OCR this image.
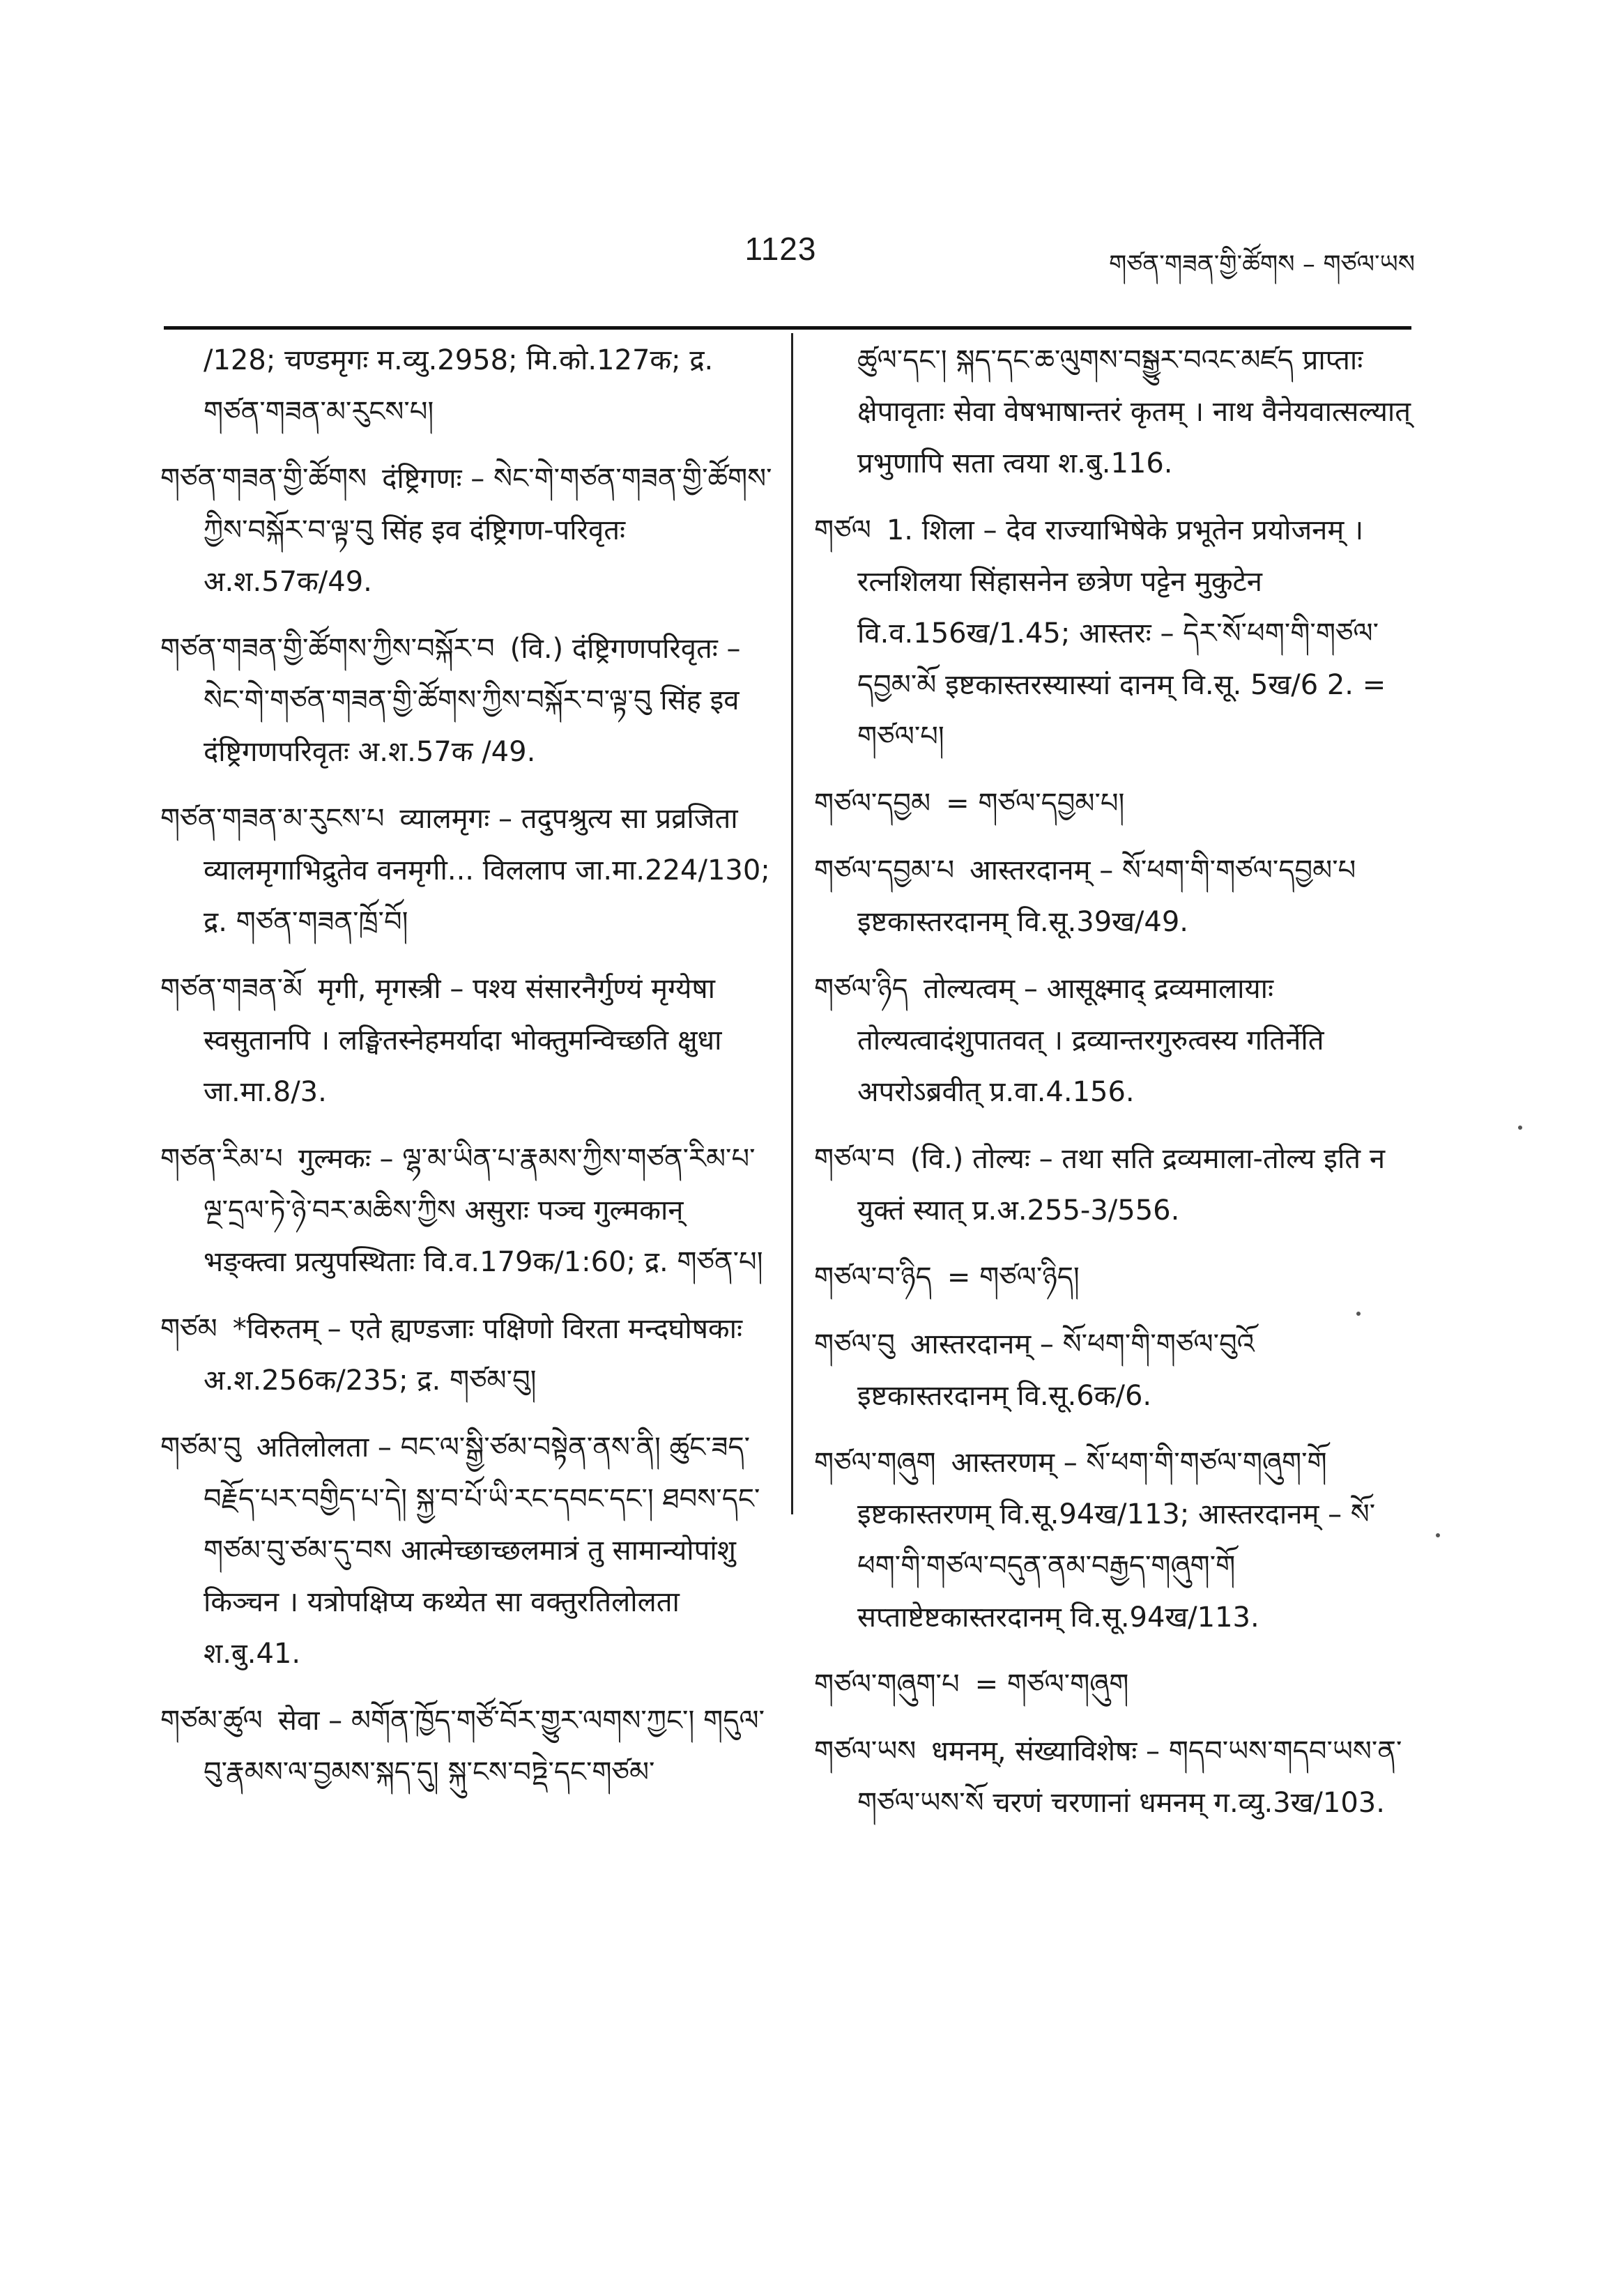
1123	གཙན་གཟན་གྱི་ཚོགས – གཙལ་ཡས
/128; चण्डमृगः म.व्यु.2958; मि.को.127क; द्र. གཙན་གཟན་མ་རུངས་པ།
གཙན་གཟན་གྱི་ཚོགས दंष्ट्रिगणः – སེང་གེ་གཙན་གཟན་གྱི་ཚོགས་ཀྱིས་བསྐོར་བ་ལྟ་བུ सिंह इव दंष्ट्रिगण-परिवृतः अ.श.57क/49.
གཙན་གཟན་གྱི་ཚོགས་ཀྱིས་བསྐོར་བ (वि.) दंष्ट्रिगणपरिवृतः – སེང་གེ་གཙན་གཟན་གྱི་ཚོགས་ཀྱིས་བསྐོར་བ་ལྟ་བུ सिंह इव दंष्ट्रिगणपरिवृतः अ.श.57क /49.
གཙན་གཟན་མ་རུངས་པ व्यालमृगः – तदुपश्रुत्य सा प्रव्रजिता व्यालमृगाभिद्रुतेव वनमृगी... विललाप जा.मा.224/130; द्र. གཙན་གཟན་ཁྲོ་བོ།
གཙན་གཟན་མོ मृगी, मृगस्त्री – पश्य संसारनैर्गुण्यं मृग्येषा स्वसुतानपि । लङ्घितस्नेहमर्यादा भोक्तुमन्विच्छति क्षुधा जा.मा.8/3.
གཙན་རིམ་པ गुल्मकः – ལྷ་མ་ཡིན་པ་རྣམས་ཀྱིས་གཙན་རིམ་པ་ལྔ་དྲལ་ཏེ་ཉེ་བར་མཆིས་ཀྱིས असुराः पञ्च गुल्मकान् भङ्क्त्वा प्रत्युपस्थिताः वि.व.179क/1:60; द्र. གཙན་པ།
གཙམ *विरुतम् – एते ह्यण्डजाः पक्षिणो विरता मन्दघोषकाः अ.श.256क/235; द्र. གཙམ་བུ།
གཙམ་བུ अतिलोलता – བང་ལ་སྒྱི་ཙམ་བསྟེན་ནས་ནི། ཚུང་ཟད་བརྗོད་པར་བགྱིད་པ་དེ། སྐྱ་བ་པོ་ཡི་རང་དབང་དང་། ཐབས་དང་གཙམ་བུ་ཙམ་དུ་བས आत्मेच्छाच्छलमात्रं तु सामान्योपांशु किञ्चन । यत्रोपक्षिप्य कथ्येत सा वक्तुरतिलोलता श.बु.41.
གཙམ་ཚུལ सेवा – མགོན་ཁྱོད་གཙོ་བོར་གྱུར་ལགས་ཀྱང་། གདུལ་བུ་རྣམས་ལ་བྱམས་སྐད་དུ། སྐུ་ངས་བཏྡེ་དང་གཙམ་
ཚུལ་དང་། སྐད་དང་ཆ་ལུགས་བསྒྱུར་བའང་མཛད प्राप्ताः क्षेपावृताः सेवा वेषभाषान्तरं कृतम् । नाथ वैनेयवात्सल्यात् प्रभुणापि सता त्वया श.बु.116.
གཙལ 1. शिला – देव राज्याभिषेके प्रभूतेन प्रयोजनम् । रत्नशिलया सिंहासनेन छत्रेण पट्टेन मुकुटेन वि.व.156ख/1.45; आस्तरः – དེར་སོ་ཕག་གི་གཙལ་དབྱམ་མོ इष्टकास्तरस्यास्यां दानम् वि.सू. 5ख/6 2. = གཙལ་པ།
གཙལ་དབྱམ = གཙལ་དབྱམ་པ།
གཙལ་དབྱམ་པ आस्तरदानम् – སོ་ཕག་གི་གཙལ་དབྱམ་པ इष्टकास्तरदानम् वि.सू.39ख/49.
གཙལ་ཉིད तोल्यत्वम् – आसूक्ष्माद् द्रव्यमालायाः तोल्यत्वादंशुपातवत् । द्रव्यान्तरगुरुत्वस्य गतिर्नेति अपरोऽब्रवीत् प्र.वा.4.156.
གཙལ་བ (वि.) तोल्यः – तथा सति द्रव्यमाला-तोल्य इति न युक्तं स्यात् प्र.अ.255-3/556.
གཙལ་བ་ཉིད = གཙལ་ཉིད།
གཙལ་བུ आस्तरदानम् – སོ་ཕག་གི་གཙལ་བུའོ इष्टकास्तरदानम् वि.सू.6क/6.
གཙལ་གཞུག आस्तरणम् – སོ་ཕག་གི་གཙལ་གཞུག་གོ इष्टकास्तरणम् वि.सू.94ख/113; आस्तरदानम् – སོ་ཕག་གི་གཙལ་བདུན་ནམ་བརྒྱད་གཞུག་གོ सप्ताष्टेष्टकास्तरदानम् वि.सू.94ख/113.
གཙལ་གཞུག་པ = གཙལ་གཞུག
གཙལ་ཡས धमनम्, संख्याविशेषः – གདབ་ཡས་གདབ་ཡས་ན་གཙལ་ཡས་སོ चरणं चरणानां धमनम् ग.व्यु.3ख/103.
